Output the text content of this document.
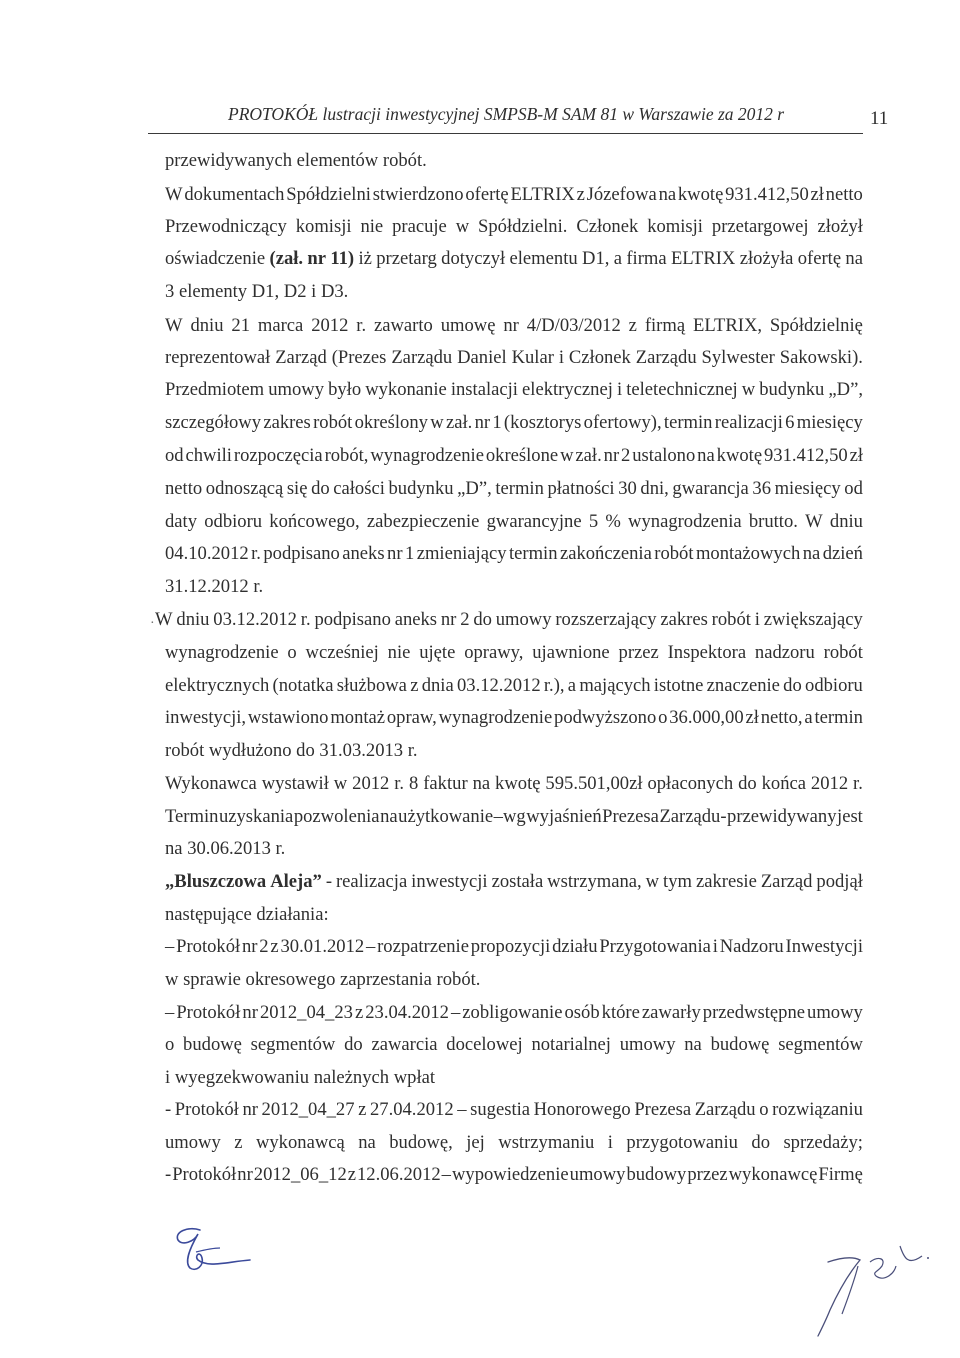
PROTOKÓŁ lustracji inwestycyjnej SMPSB-M SAM 81 w Warszawie za 2012 r	11
przewidywanych elementów robót.
W dokumentach Spółdzielni stwierdzono ofertę ELTRIX z Józefowa na kwotę 931.412,50 zł netto
Przewodniczący komisji nie pracuje w Spółdzielni. Członek komisji przetargowej złożył
oświadczenie (zał. nr 11) iż przetarg dotyczył elementu D1, a firma ELTRIX złożyła ofertę na
3 elementy D1, D2 i D3.
W dniu 21 marca 2012 r. zawarto umowę nr 4/D/03/2012 z firmą ELTRIX, Spółdzielnię
reprezentował Zarząd (Prezes Zarządu Daniel Kular i Członek Zarządu Sylwester Sakowski).
Przedmiotem umowy było wykonanie instalacji elektrycznej i teletechnicznej w budynku „D”,
szczegółowy zakres robót określony w zał. nr 1 (kosztorys ofertowy), termin realizacji 6 miesięcy
od chwili rozpoczęcia robót, wynagrodzenie określone w zał. nr 2 ustalono na kwotę 931.412,50 zł
netto odnoszącą się do całości budynku „D”, termin płatności 30 dni, gwarancja 36 miesięcy od
daty odbioru końcowego, zabezpieczenie gwarancyjne 5 % wynagrodzenia brutto. W dniu
04.10.2012 r. podpisano aneks nr 1 zmieniający termin zakończenia robót montażowych na dzień
31.12.2012 r.
W dniu 03.12.2012 r. podpisano aneks nr 2 do umowy rozszerzający zakres robót i zwiększający
wynagrodzenie o wcześniej nie ujęte oprawy, ujawnione przez Inspektora nadzoru robót
elektrycznych (notatka służbowa z dnia 03.12.2012 r.), a mających istotne znaczenie do odbioru
inwestycji, wstawiono montaż opraw, wynagrodzenie podwyższono o 36.000,00 zł netto, a termin
robót wydłużono do 31.03.2013 r.
Wykonawca wystawił w 2012 r. 8 faktur na kwotę 595.501,00zł opłaconych do końca 2012 r.
Termin uzyskania pozwolenia na użytkowanie –wg wyjaśnień Prezesa Zarządu- przewidywany jest
na 30.06.2013 r.
„Bluszczowa Aleja” - realizacja inwestycji została wstrzymana, w tym zakresie Zarząd podjął
następujące działania:
– Protokół nr 2 z 30.01.2012 – rozpatrzenie propozycji działu Przygotowania i Nadzoru Inwestycji
w sprawie okresowego zaprzestania robót.
– Protokół nr 2012_04_23 z 23.04.2012 – zobligowanie osób które zawarły przedwstępne umowy
o budowę segmentów do zawarcia docelowej notarialnej umowy na budowę segmentów
i wyegzekwowaniu należnych wpłat
- Protokół nr 2012_04_27 z 27.04.2012 – sugestia Honorowego Prezesa Zarządu o rozwiązaniu
umowy z wykonawcą na budowę, jej wstrzymaniu i przygotowaniu do sprzedaży;
- Protokół nr 2012_06_12 z 12.06.2012 – wypowiedzenie umowy budowy przez wykonawcę Firmę
·
